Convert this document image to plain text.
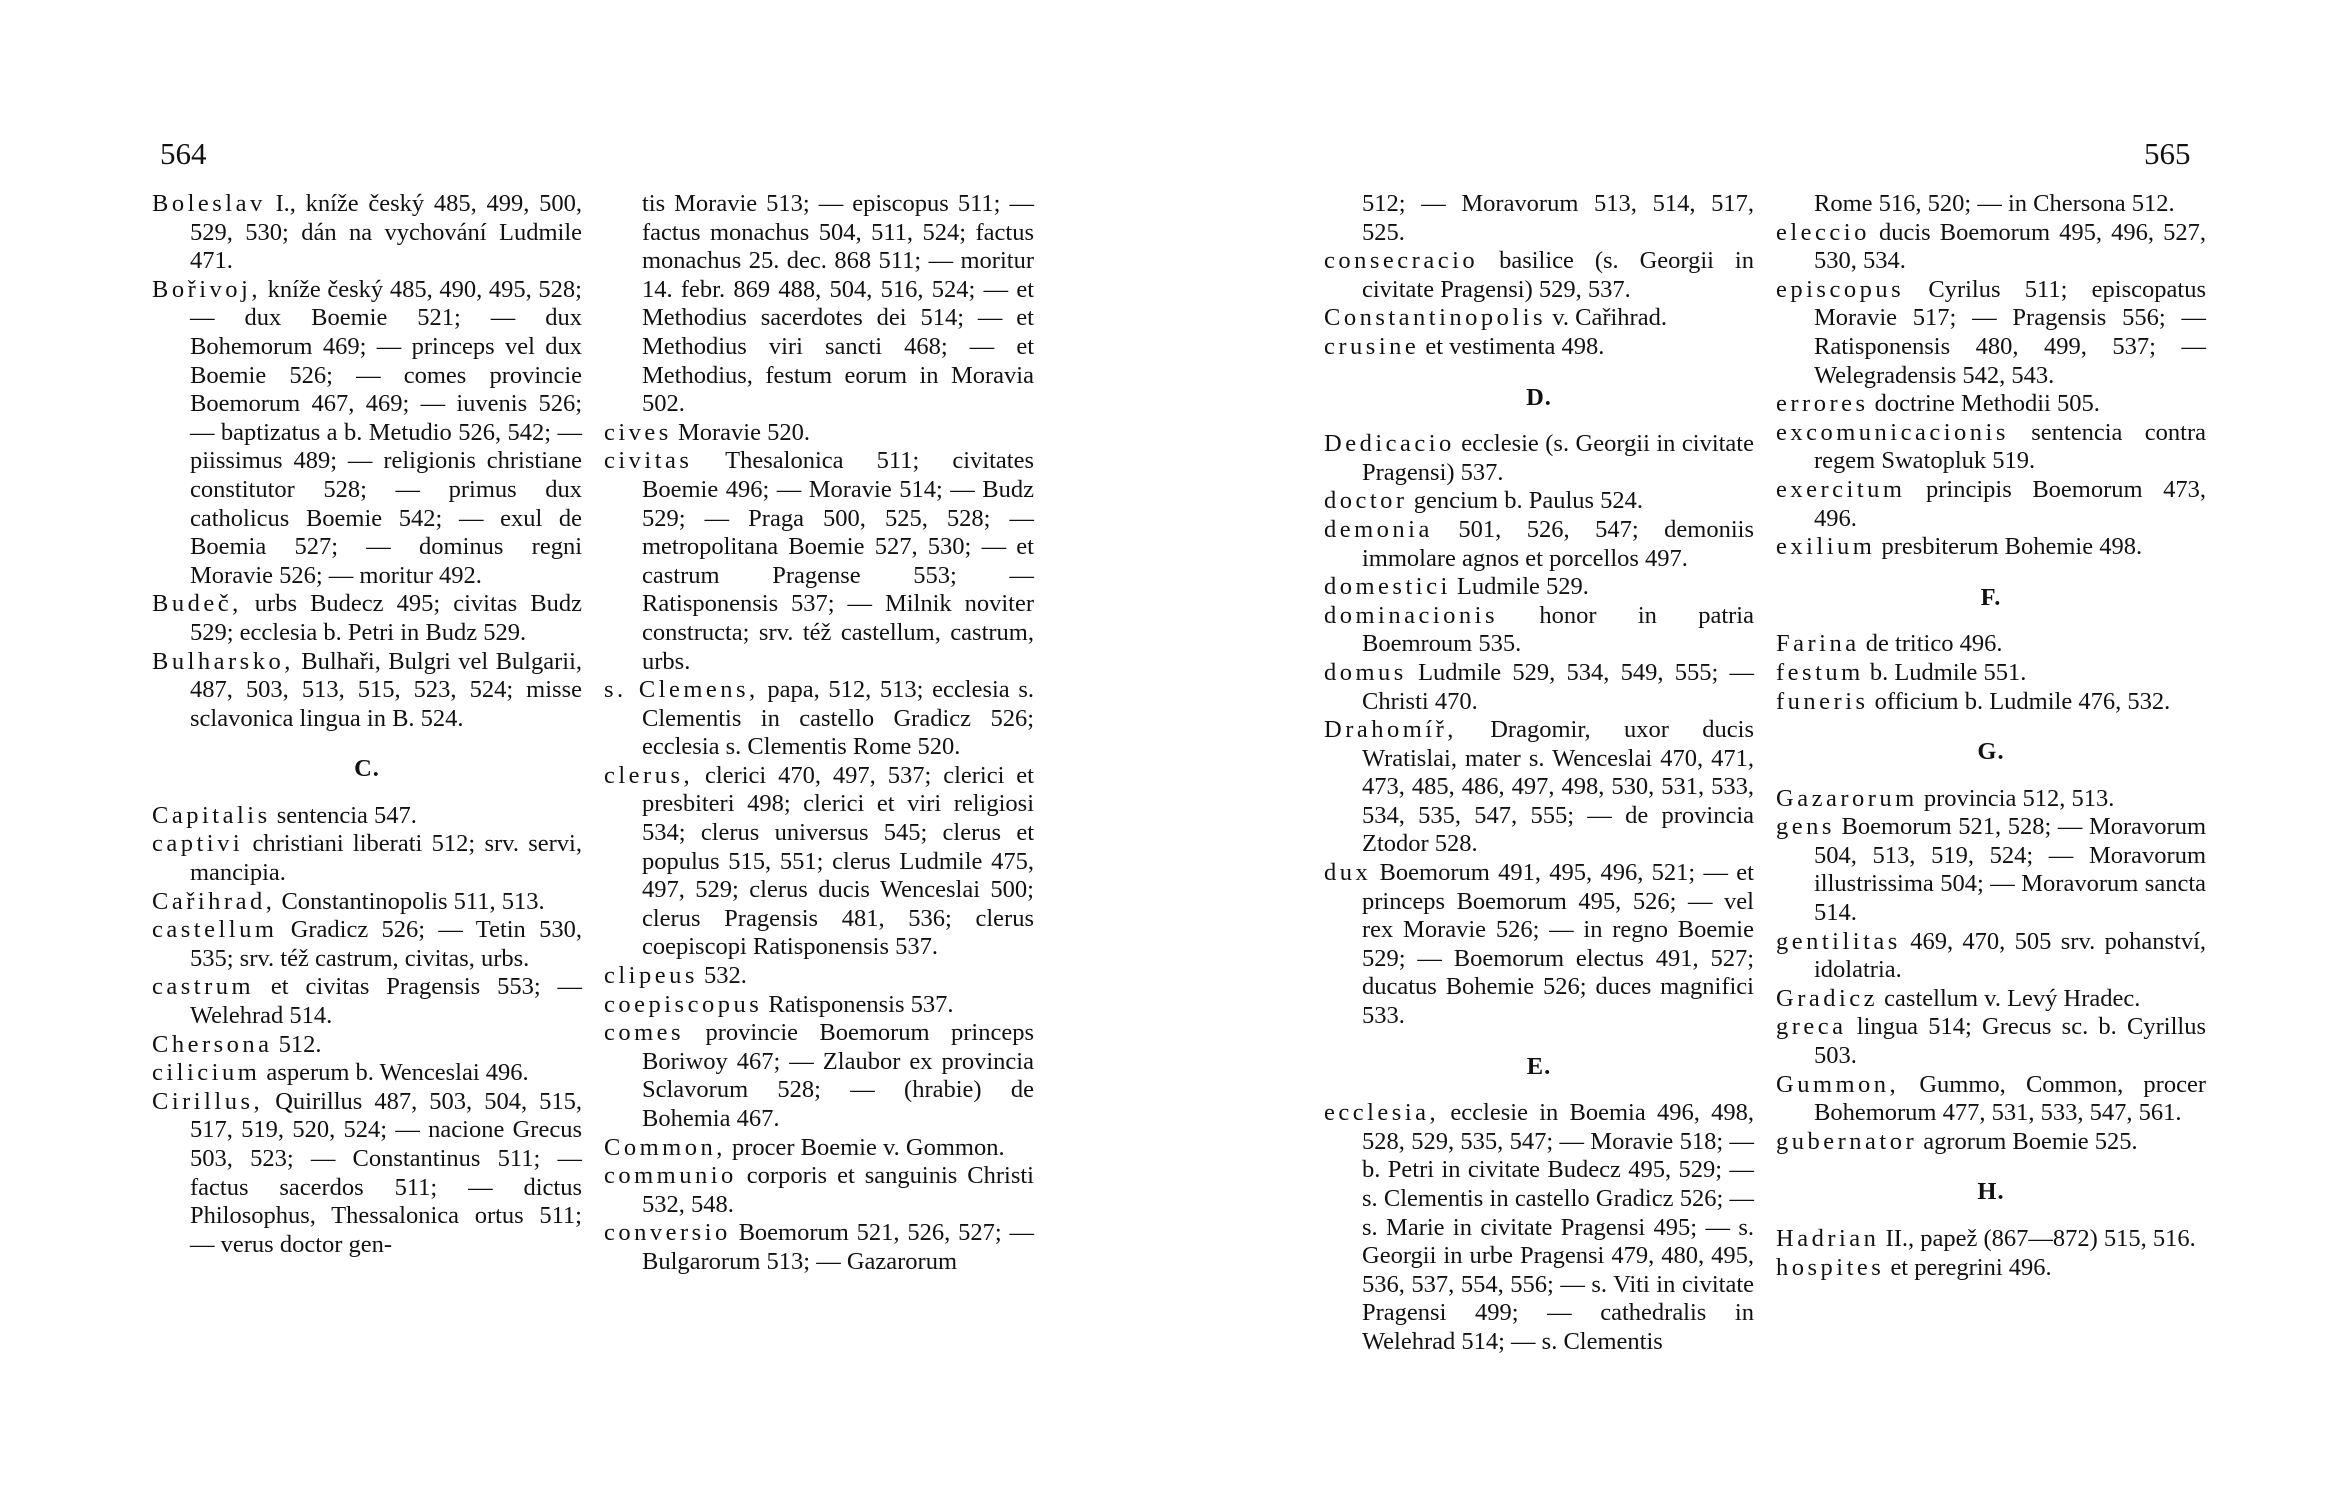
564	565

Boleslav I., kníže český 485, 499, 500, 529, 530; dán na vychování Ludmile 471.

Bořivoj, kníže český 485, 490, 495, 528; — dux Boemie 521; — dux Bohemorum 469; — princeps vel dux Boemie 526; — comes provincie Boemorum 467, 469; — iuvenis 526; — baptizatus a b. Metudio 526, 542; — piissimus 489; — religionis christiane constitutor 528; — primus dux catholicus Boemie 542; — exul de Boemia 527; — dominus regni Moravie 526; — moritur 492.

Budeč, urbs Budecz 495; civitas Budz 529; ecclesia b. Petri in Budz 529.

Bulharsko, Bulhaři, Bulgri vel Bulgarii, 487, 503, 513, 515, 523, 524; misse sclavonica lingua in B. 524.

C.

Capitalis sentencia 547.

captivi christiani liberati 512; srv. servi, mancipia.

Cařihrad, Constantinopolis 511, 513.

castellum Gradicz 526; — Tetin 530, 535; srv. též castrum, civitas, urbs.

castrum et civitas Pragensis 553; — Welehrad 514.

Chersona 512.

cilicium asperum b. Wenceslai 496.

Cirillus, Quirillus 487, 503, 504, 515, 517, 519, 520, 524; — nacione Grecus 503, 523; — Constantinus 511; — factus sacerdos 511; — dictus Philosophus, Thessalonica ortus 511; — verus doctor gen-

tis Moravie 513; — episcopus 511; — factus monachus 504, 511, 524; factus monachus 25. dec. 868 511; — moritur 14. febr. 869 488, 504, 516, 524; — et Methodius sacerdotes dei 514; — et Methodius viri sancti 468; — et Methodius, festum eorum in Moravia 502.

cives Moravie 520.

civitas Thesalonica 511; civitates Boemie 496; — Moravie 514; — Budz 529; — Praga 500, 525, 528; — metropolitana Boemie 527, 530; — et castrum Pragense 553; — Ratisponensis 537; — Milnik noviter constructa; srv. též castellum, castrum, urbs.

s. Clemens, papa, 512, 513; ecclesia s. Clementis in castello Gradicz 526; ecclesia s. Clementis Rome 520.

clerus, clerici 470, 497, 537; clerici et presbiteri 498; clerici et viri religiosi 534; clerus universus 545; clerus et populus 515, 551; clerus Ludmile 475, 497, 529; clerus ducis Wenceslai 500; clerus Pragensis 481, 536; clerus coepiscopi Ratisponensis 537.

clipeus 532.

coepiscopus Ratisponensis 537.

comes provincie Boemorum princeps Boriwoy 467; — Zlaubor ex provincia Sclavorum 528; — (hrabie) de Bohemia 467.

Common, procer Boemie v. Gommon.

communio corporis et sanguinis Christi 532, 548.

conversio Boemorum 521, 526, 527; — Bulgarorum 513; — Gazarorum

512; — Moravorum 513, 514, 517, 525.

consecracio basilice (s. Georgii in civitate Pragensi) 529, 537.

Constantinopolis v. Cařihrad.

crusine et vestimenta 498.

D.

Dedicacio ecclesie (s. Georgii in civitate Pragensi) 537.

doctor gencium b. Paulus 524.

demonia 501, 526, 547; demoniis immolare agnos et porcellos 497.

domestici Ludmile 529.

dominacionis honor in patria Boemroum 535.

domus Ludmile 529, 534, 549, 555; — Christi 470.

Drahomíř, Dragomir, uxor ducis Wratislai, mater s. Wenceslai 470, 471, 473, 485, 486, 497, 498, 530, 531, 533, 534, 535, 547, 555; — de provincia Ztodor 528.

dux Boemorum 491, 495, 496, 521; — et princeps Boemorum 495, 526; — vel rex Moravie 526; — in regno Boemie 529; — Boemorum electus 491, 527; ducatus Bohemie 526; duces magnifici 533.

E.

ecclesia, ecclesie in Boemia 496, 498, 528, 529, 535, 547; — Moravie 518; — b. Petri in civitate Budecz 495, 529; — s. Clementis in castello Gradicz 526; — s. Marie in civitate Pragensi 495; — s. Georgii in urbe Pragensi 479, 480, 495, 536, 537, 554, 556; — s. Viti in civitate Pragensi 499; — cathedralis in Welehrad 514; — s. Clementis

Rome 516, 520; — in Chersona 512.

eleccio ducis Boemorum 495, 496, 527, 530, 534.

episcopus Cyrilus 511; episcopatus Moravie 517; — Pragensis 556; — Ratisponensis 480, 499, 537; — Welegradensis 542, 543.

errores doctrine Methodii 505.

excomunicacionis sentencia contra regem Swatopluk 519.

exercitum principis Boemorum 473, 496.

exilium presbiterum Bohemie 498.

F.

Farina de tritico 496.

festum b. Ludmile 551.

funeris officium b. Ludmile 476, 532.

G.

Gazarorum provincia 512, 513.

gens Boemorum 521, 528; — Moravorum 504, 513, 519, 524; — Moravorum illustrissima 504; — Moravorum sancta 514.

gentilitas 469, 470, 505 srv. pohanství, idolatria.

Gradicz castellum v. Levý Hradec.

greca lingua 514; Grecus sc. b. Cyrillus 503.

Gummon, Gummo, Common, procer Bohemorum 477, 531, 533, 547, 561.

gubernator agrorum Boemie 525.

H.

Hadrian II., papež (867—872) 515, 516.

hospites et peregrini 496.
